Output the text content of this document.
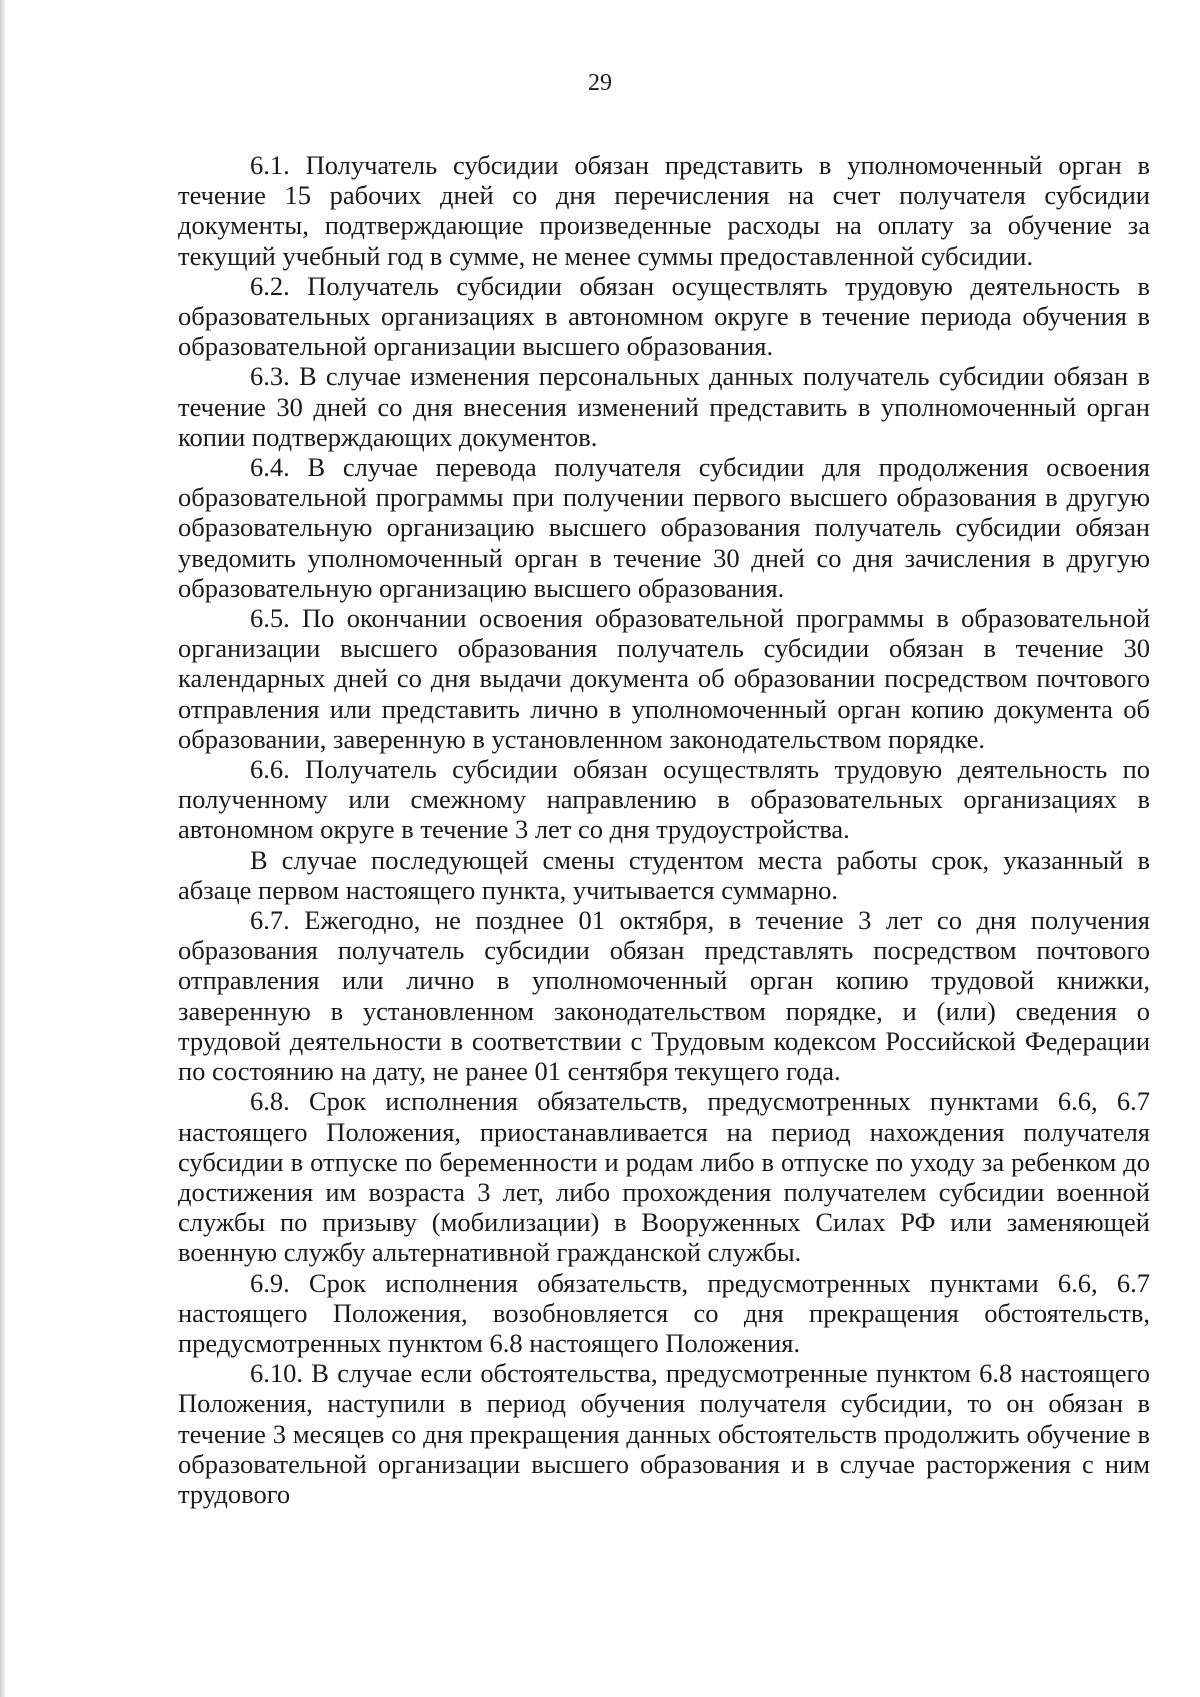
29

6.1. Получатель субсидии обязан представить в уполномоченный орган в течение 15 рабочих дней со дня перечисления на счет получателя субсидии документы, подтверждающие произведенные расходы на оплату за обучение за текущий учебный год в сумме, не менее суммы предоставленной субсидии.

6.2. Получатель субсидии обязан осуществлять трудовую деятельность в образовательных организациях в автономном округе в течение периода обучения в образовательной организации высшего образования.

6.3. В случае изменения персональных данных получатель субсидии обязан в течение 30 дней со дня внесения изменений представить в уполномоченный орган копии подтверждающих документов.

6.4. В случае перевода получателя субсидии для продолжения освоения образовательной программы при получении первого высшего образования в другую образовательную организацию высшего образования получатель субсидии обязан уведомить уполномоченный орган в течение 30 дней со дня зачисления в другую образовательную организацию высшего образования.

6.5. По окончании освоения образовательной программы в образовательной организации высшего образования получатель субсидии обязан в течение 30 календарных дней со дня выдачи документа об образовании посредством почтового отправления или представить лично в уполномоченный орган копию документа об образовании, заверенную в установленном законодательством порядке.

6.6. Получатель субсидии обязан осуществлять трудовую деятельность по полученному или смежному направлению в образовательных организациях в автономном округе в течение 3 лет со дня трудоустройства.

В случае последующей смены студентом места работы срок, указанный в абзаце первом настоящего пункта, учитывается суммарно.

6.7. Ежегодно, не позднее 01 октября, в течение 3 лет со дня получения образования получатель субсидии обязан представлять посредством почтового отправления или лично в уполномоченный орган копию трудовой книжки, заверенную в установленном законодательством порядке, и (или) сведения о трудовой деятельности в соответствии с Трудовым кодексом Российской Федерации по состоянию на дату, не ранее 01 сентября текущего года.

6.8. Срок исполнения обязательств, предусмотренных пунктами 6.6, 6.7 настоящего Положения, приостанавливается на период нахождения получателя субсидии в отпуске по беременности и родам либо в отпуске по уходу за ребенком до достижения им возраста 3 лет, либо прохождения получателем субсидии военной службы по призыву (мобилизации) в Вооруженных Силах РФ или заменяющей военную службу альтернативной гражданской службы.

6.9. Срок исполнения обязательств, предусмотренных пунктами 6.6, 6.7 настоящего Положения, возобновляется со дня прекращения обстоятельств, предусмотренных пунктом 6.8 настоящего Положения.

6.10. В случае если обстоятельства, предусмотренные пунктом 6.8 настоящего Положения, наступили в период обучения получателя субсидии, то он обязан в течение 3 месяцев со дня прекращения данных обстоятельств продолжить обучение в образовательной организации высшего образования и в случае расторжения с ним трудового
